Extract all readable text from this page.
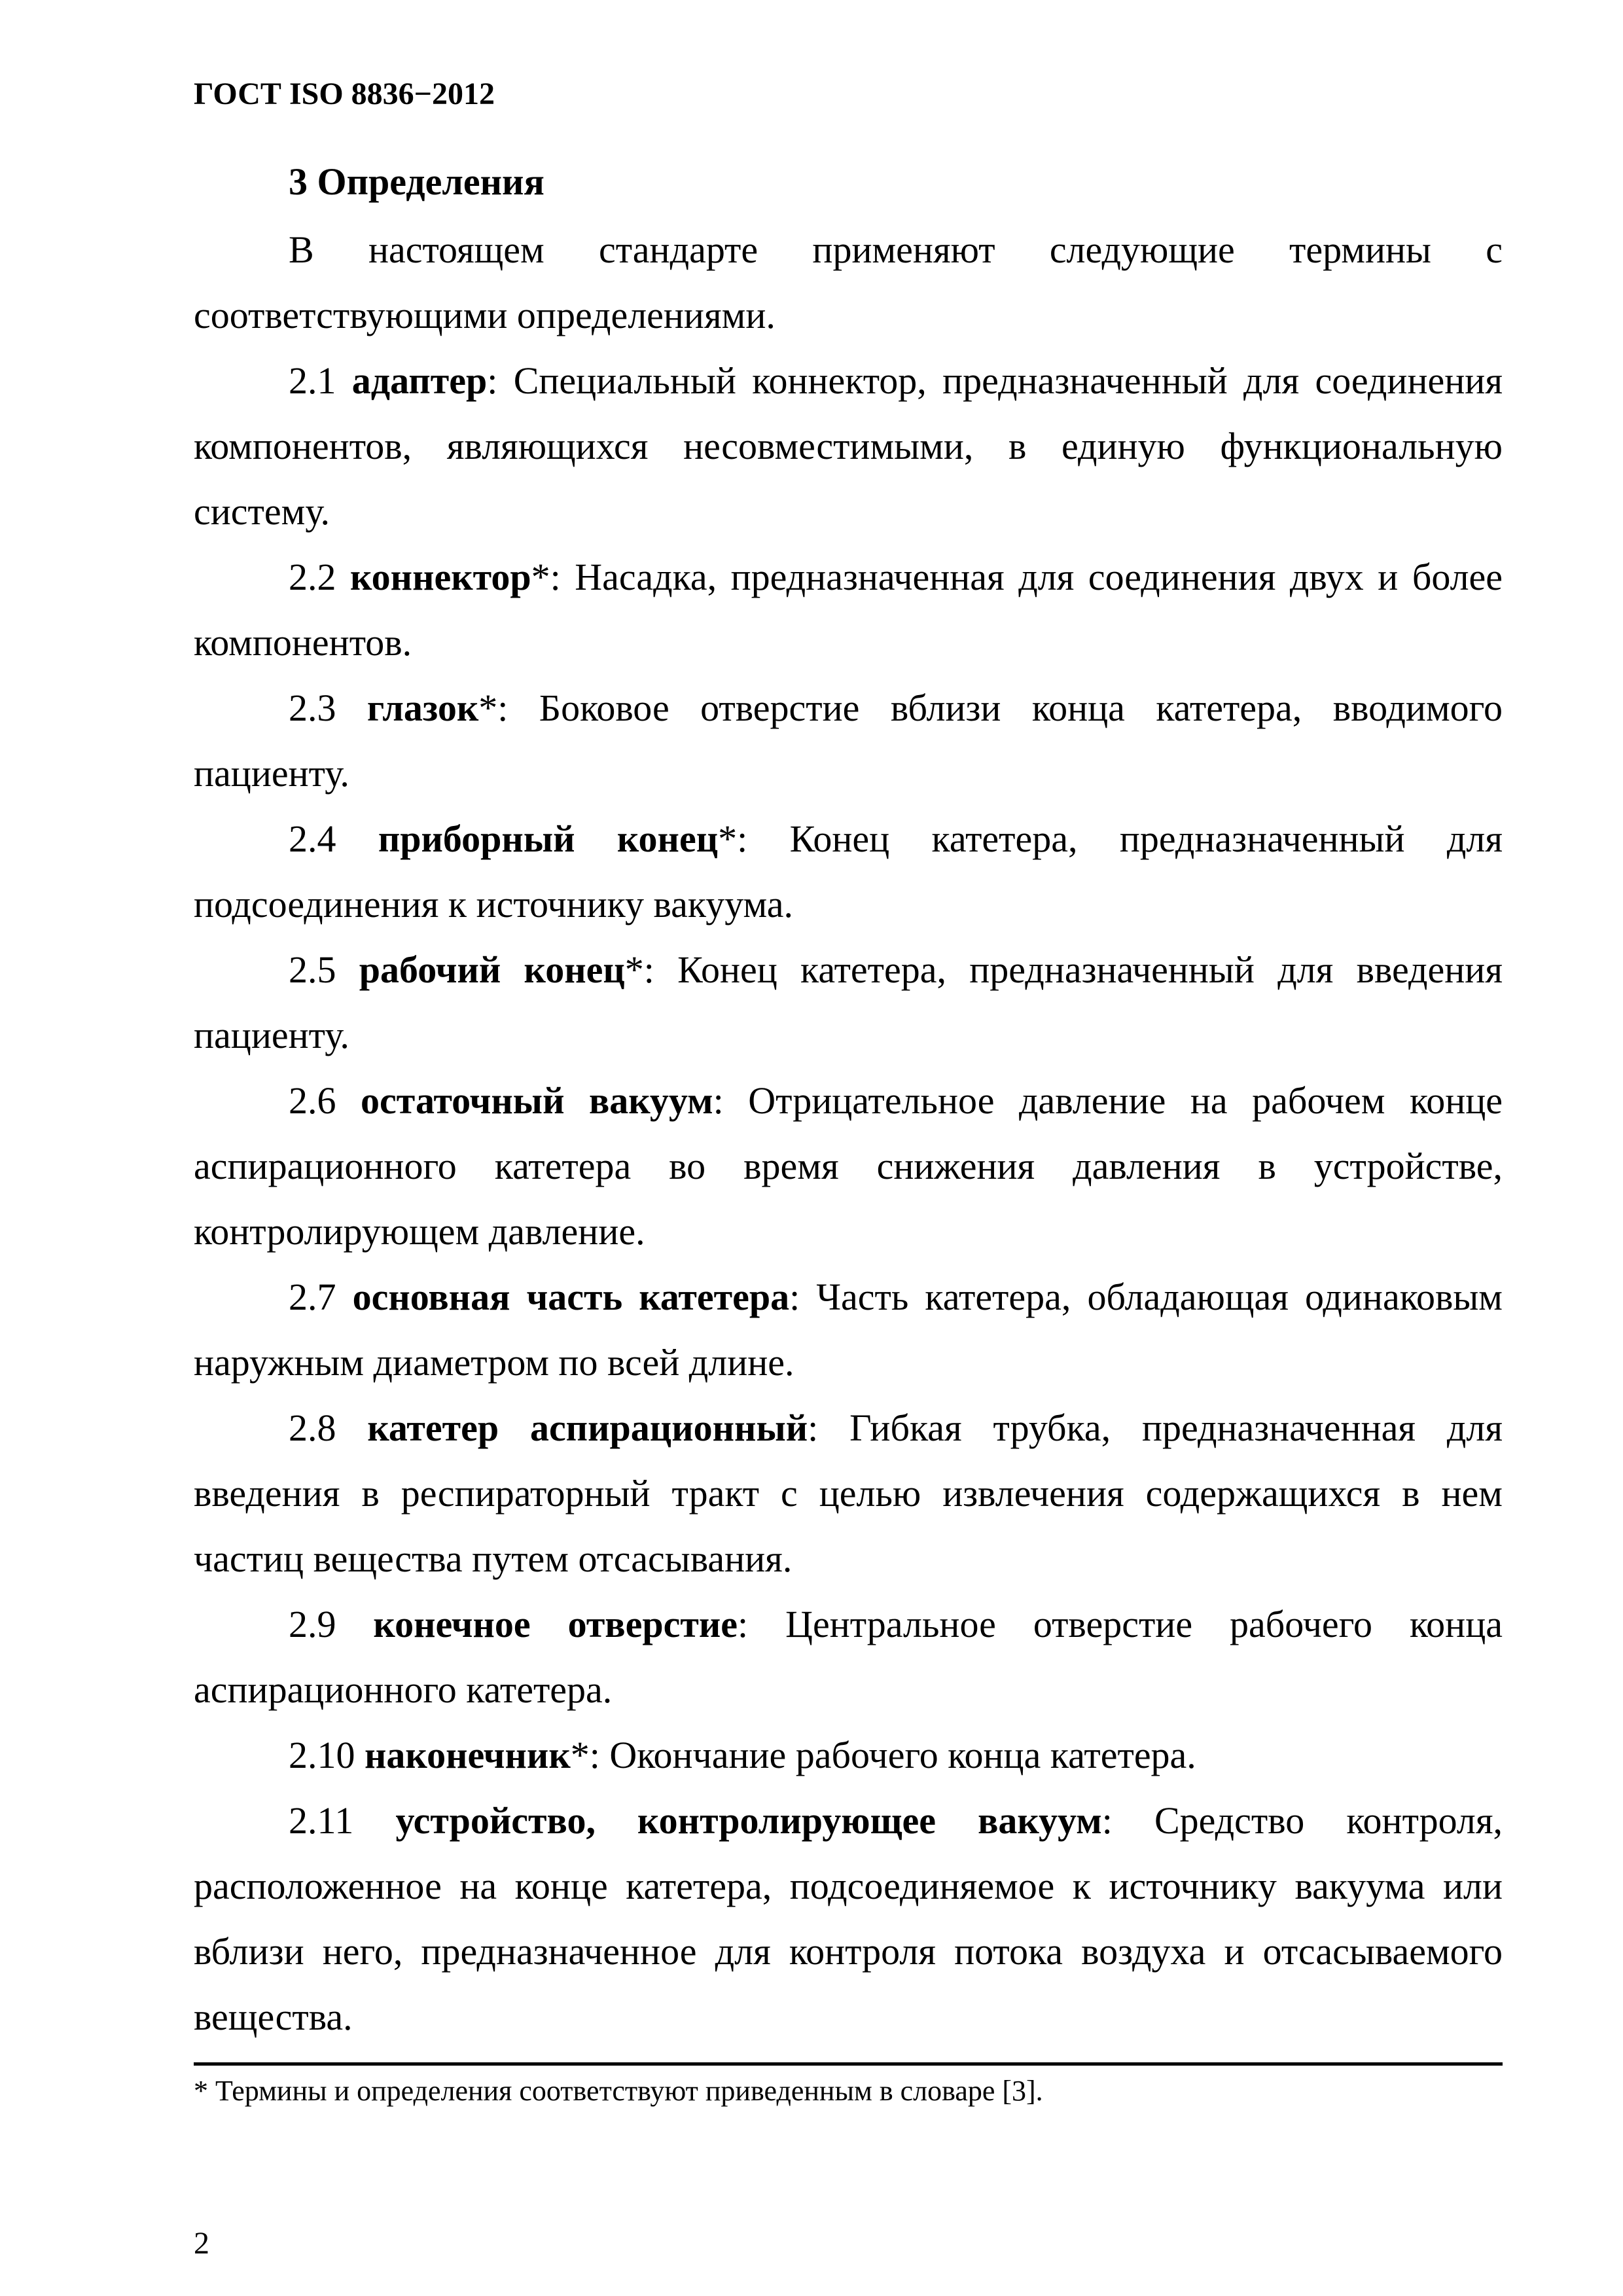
ГОСТ ISO 8836−2012
3 Определения

В настоящем стандарте применяют следующие термины с соответствующими определениями.

2.1 адаптер: Специальный коннектор, предназначенный для соединения компонентов, являющихся несовместимыми, в единую функциональную систему.

2.2 коннектор*: Насадка, предназначенная для соединения двух и более компонентов.

2.3 глазок*: Боковое отверстие вблизи конца катетера, вводимого пациенту.

2.4 приборный конец*: Конец катетера, предназначенный для подсоединения к источнику вакуума.

2.5 рабочий конец*: Конец катетера, предназначенный для введения пациенту.

2.6 остаточный вакуум: Отрицательное давление на рабочем конце аспирационного катетера во время снижения давления в устройстве, контролирующем давление.

2.7 основная часть катетера: Часть катетера, обладающая одинаковым наружным диаметром по всей длине.

2.8 катетер аспирационный: Гибкая трубка, предназначенная для введения в респираторный тракт с целью извлечения содержащихся в нем частиц вещества путем отсасывания.

2.9 конечное отверстие: Центральное отверстие рабочего конца аспирационного катетера.

2.10 наконечник*: Окончание рабочего конца катетера.

2.11 устройство, контролирующее вакуум: Средство контроля, расположенное на конце катетера, подсоединяемое к источнику вакуума или вблизи него, предназначенное для контроля потока воздуха и отсасываемого вещества.

* Термины и определения соответствуют приведенным в словаре [3].
2
